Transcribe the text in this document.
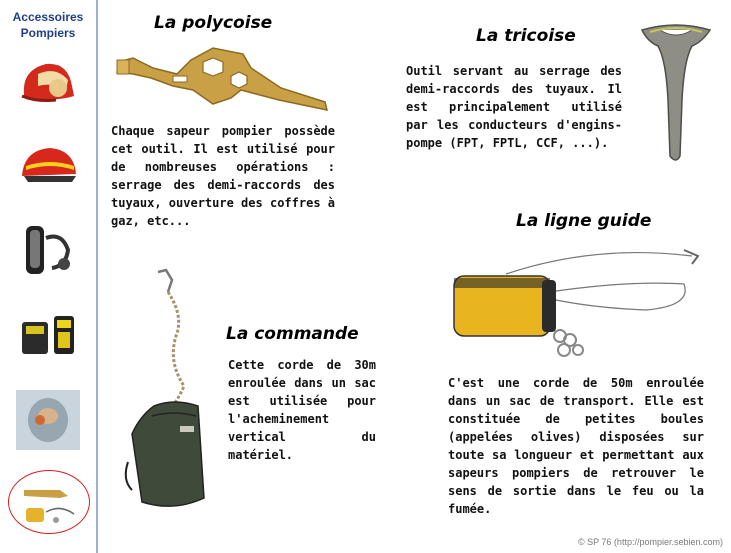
Accessoires Pompiers	La polycoise
Chaque sapeur pompier possède cet outil. Il est utilisé pour de nombreuses opérations : serrage des demi-raccords des tuyaux, ouverture des coffres à gaz, etc...
La tricoise
Outil servant au serrage des demi-raccords des tuyaux. Il est principalement utilisé par les conducteurs d'engins-pompe (FPT, FPTL, CCF, ...).
La ligne guide
C'est une corde de 50m enroulée dans un sac de transport. Elle est constituée de petites boules (appelées olives) disposées sur toute sa longueur et permettant aux sapeurs pompiers de retrouver le sens de sortie dans le feu ou la fumée.
La commande
Cette corde de 30m enroulée dans un sac est utilisée pour l'acheminement vertical du matériel.
© SP 76 (http://pompier.sebien.com)
